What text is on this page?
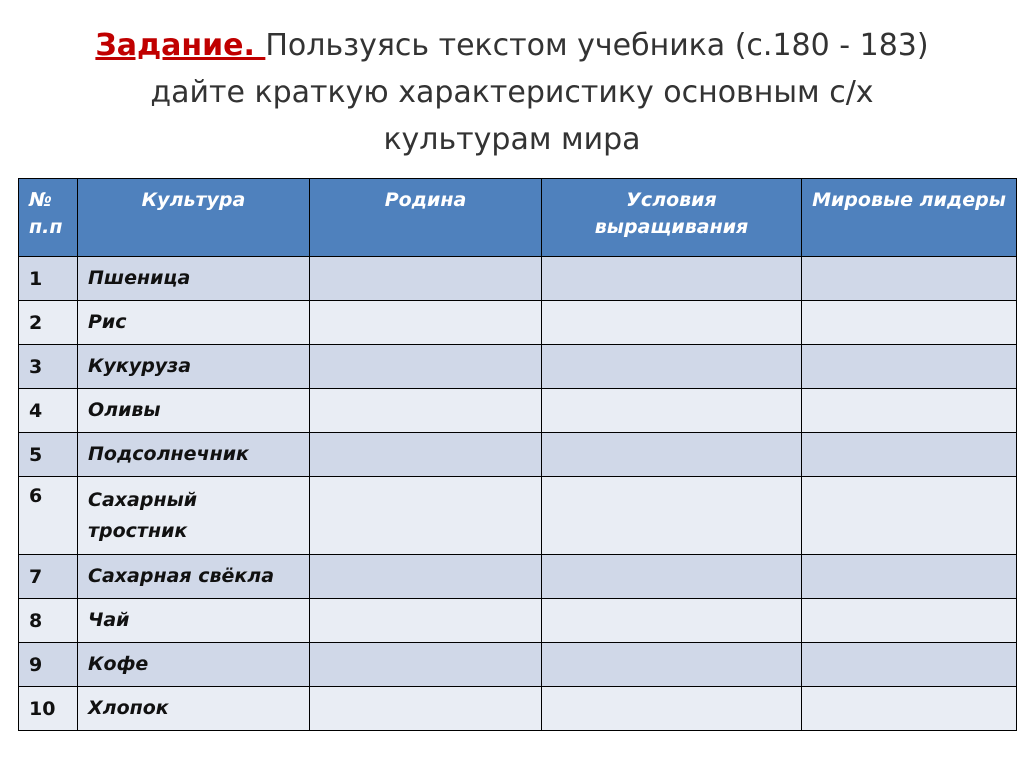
Задание. Пользуясь текстом учебника (с.180 - 183)
дайте краткую характеристику основным с/х
культурам мира
№ п.п	Культура	Родина	Условия выращивания	Мировые лидеры
1	Пшеница			
2	Рис			
3	Кукуруза			
4	Оливы			
5	Подсолнечник			
6	Сахарный тростник			
7	Сахарная свёкла			
8	Чай			
9	Кофе			
10	Хлопок			
